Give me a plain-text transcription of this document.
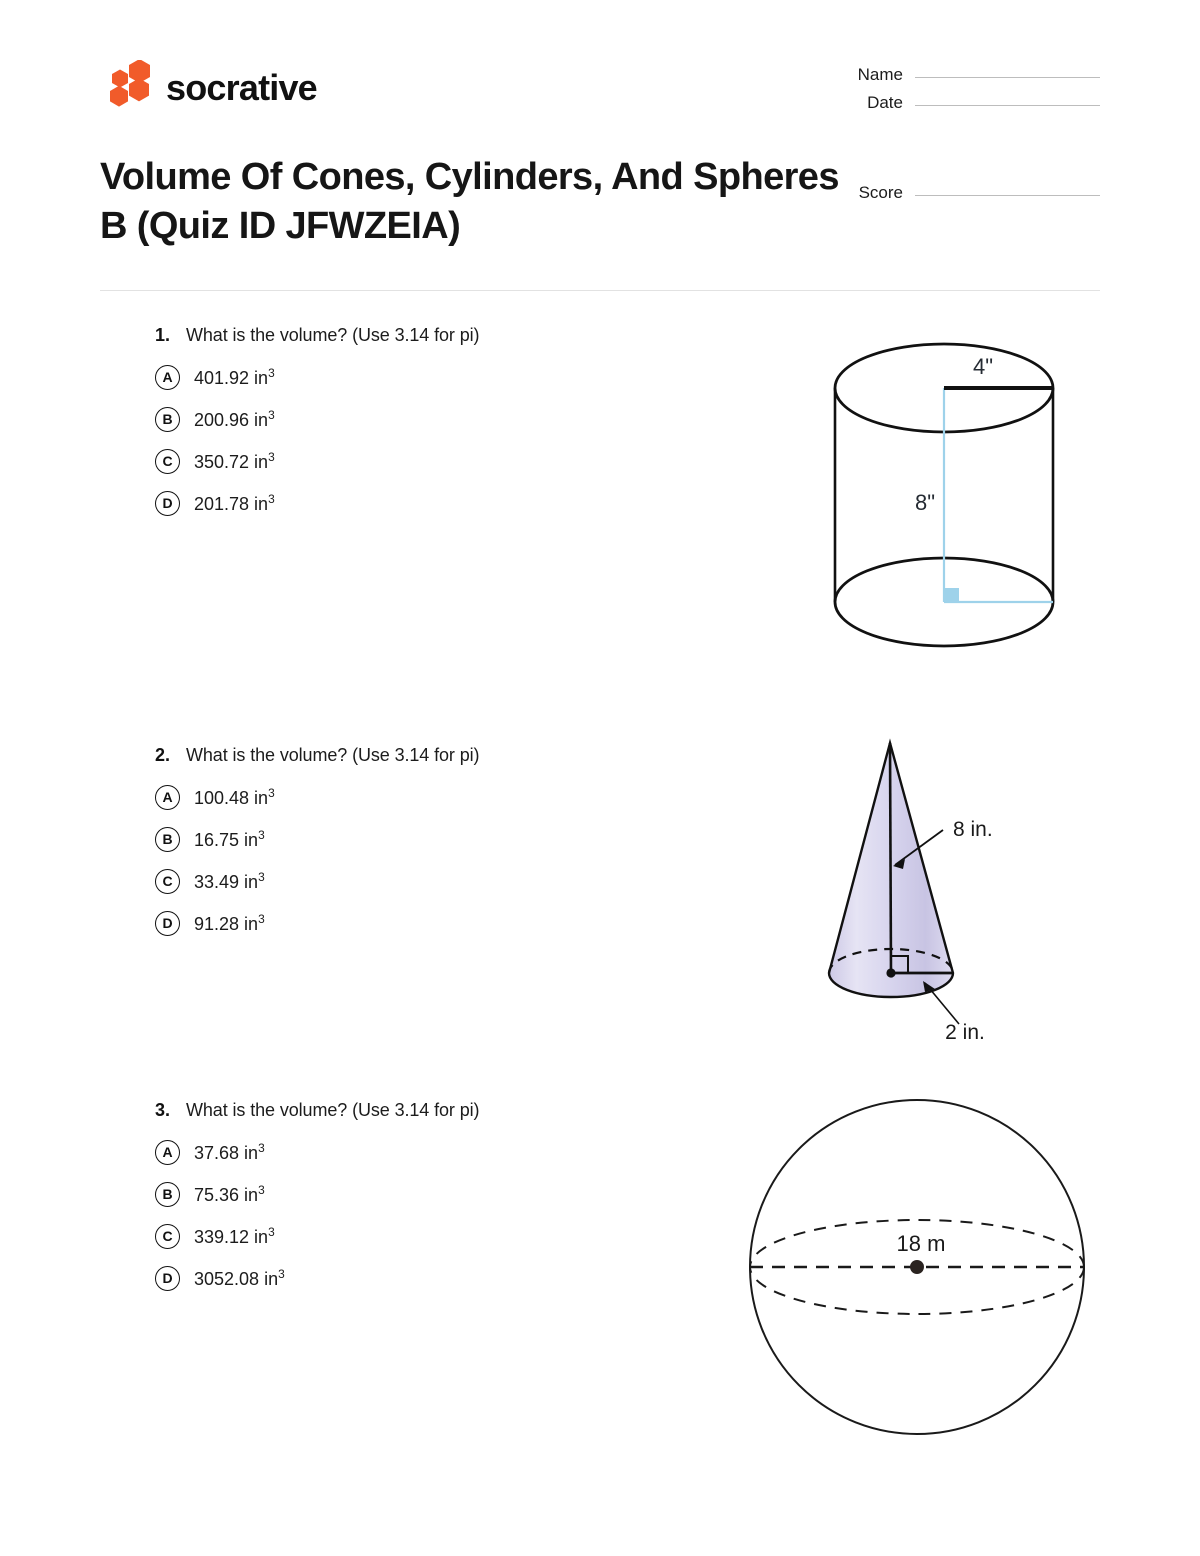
socrative
Volume Of Cones, Cylinders, And Spheres B (Quiz ID JFWZEIA)
Name
Date
Score
1. What is the volume? (Use 3.14 for pi)
A	401.92 $in^3$
B	200.96 $in^3$
C	350.72 $in^3$
D	201.78 $in^3$
4"
8"
2. What is the volume? (Use 3.14 for pi)
A	100.48 $in^3$
B	16.75 $in^3$
C	33.49 $in^3$
D	91.28 $in^3$
8 in.
2 in.
3. What is the volume? (Use 3.14 for pi)
A	37.68 $in^3$
B	75.36 $in^3$
C	339.12 $in^3$
D	3052.08 $in^3$
18 m
